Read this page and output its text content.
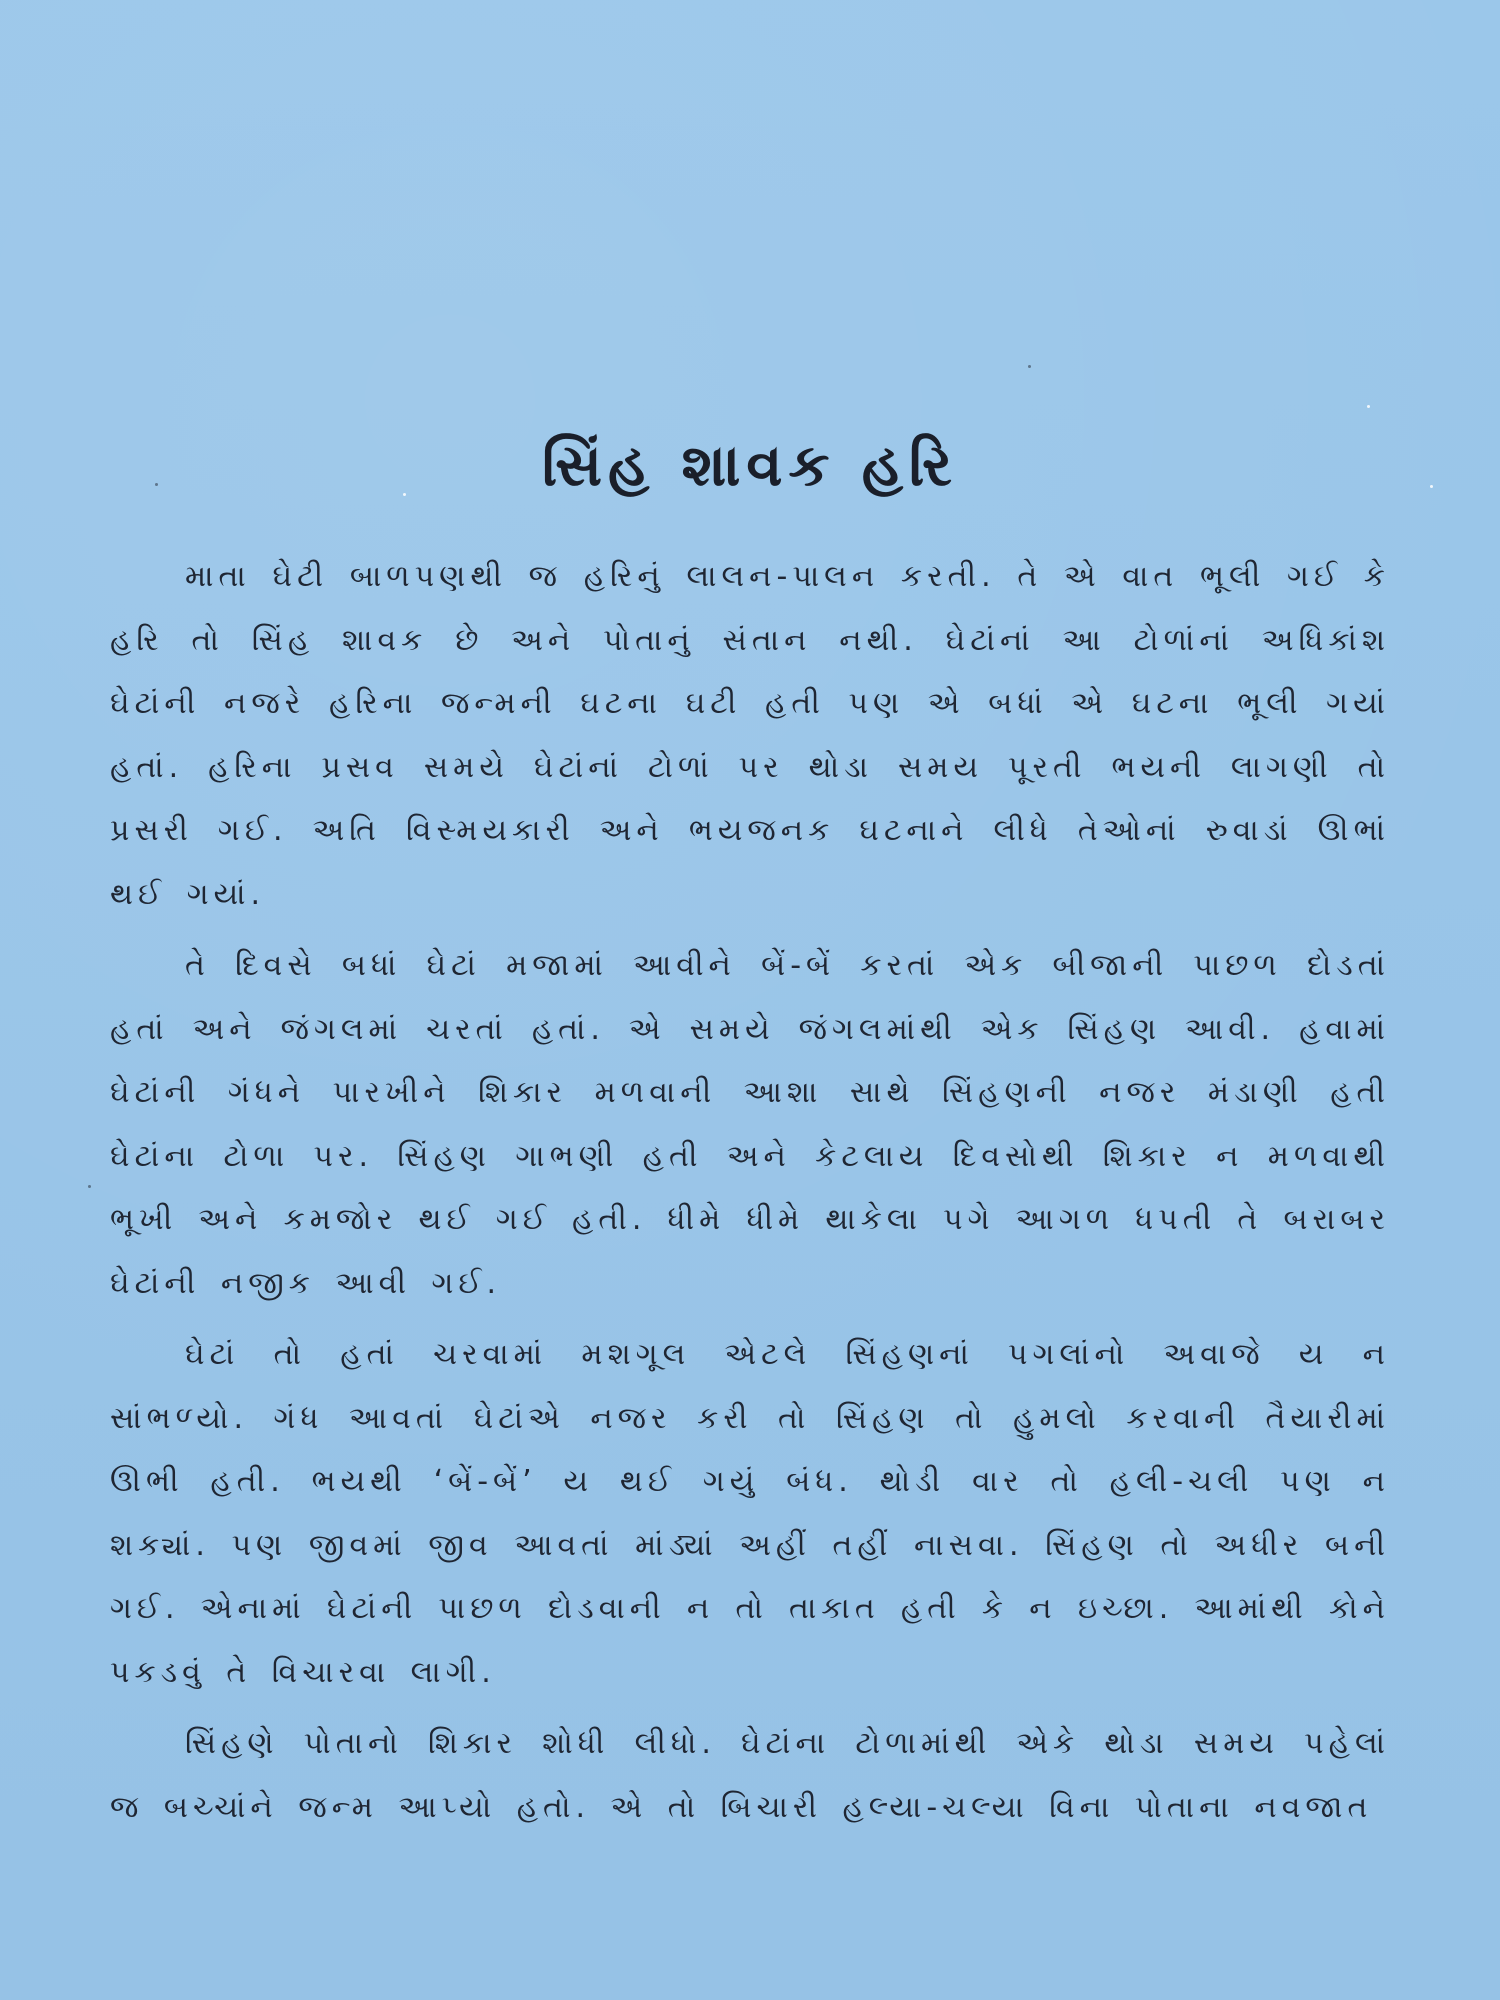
સિંહ શાવક હરિ

માતા ઘેટી બાળપણથી જ હરિનું લાલન-પાલન કરતી. તે એ વાત ભૂલી ગઈ કે હરિ તો સિંહ શાવક છે અને પોતાનું સંતાન નથી. ઘેટાંનાં આ ટોળાંનાં અધિકાંશ ઘેટાંની નજરે હરિના જન્મની ઘટના ઘટી હતી પણ એ બધાં એ ઘટના ભૂલી ગયાં હતાં. હરિના પ્રસવ સમયે ઘેટાંનાં ટોળાં પર થોડા સમય પૂરતી ભયની લાગણી તો પ્રસરી ગઈ. અતિ વિસ્મયકારી અને ભયજનક ઘટનાને લીધે તેઓનાં રુવાડાં ઊભાં થઈ ગયાં.

તે દિવસે બધાં ઘેટાં મજામાં આવીને બેં-બેં કરતાં એક બીજાની પાછળ દોડતાં હતાં અને જંગલમાં ચરતાં હતાં. એ સમયે જંગલમાંથી એક સિંહણ આવી. હવામાં ઘેટાંની ગંધને પારખીને શિકાર મળવાની આશા સાથે સિંહણની નજર મંડાણી હતી ઘેટાંના ટોળા પર. સિંહણ ગાભણી હતી અને કેટલાય દિવસોથી શિકાર ન મળવાથી ભૂખી અને કમજોર થઈ ગઈ હતી. ધીમે ધીમે થાકેલા પગે આગળ ધપતી તે બરાબર ઘેટાંની નજીક આવી ગઈ.

ઘેટાં તો હતાં ચરવામાં મશગૂલ એટલે સિંહણનાં પગલાંનો અવાજે ય ન સાંભળ્યો. ગંધ આવતાં ઘેટાંએ નજર કરી તો સિંહણ તો હુમલો કરવાની તૈયારીમાં ઊભી હતી. ભયથી ‘બેં-બેં’ ય થઈ ગયું બંધ. થોડી વાર તો હલી-ચલી પણ ન શક્યાં. પણ જીવમાં જીવ આવતાં માંડ્યાં અહીં તહીં નાસવા. સિંહણ તો અધીર બની ગઈ. એનામાં ઘેટાંની પાછળ દોડવાની ન તો તાકાત હતી કે ન ઇચ્છા. આમાંથી કોને પકડવું તે વિચારવા લાગી.

સિંહણે પોતાનો શિકાર શોધી લીધો. ઘેટાંના ટોળામાંથી એકે થોડા સમય પહેલાં જ બચ્ચાંને જન્મ આપ્યો હતો. એ તો બિચારી હલ્યા-ચલ્યા વિના પોતાના નવજાત
